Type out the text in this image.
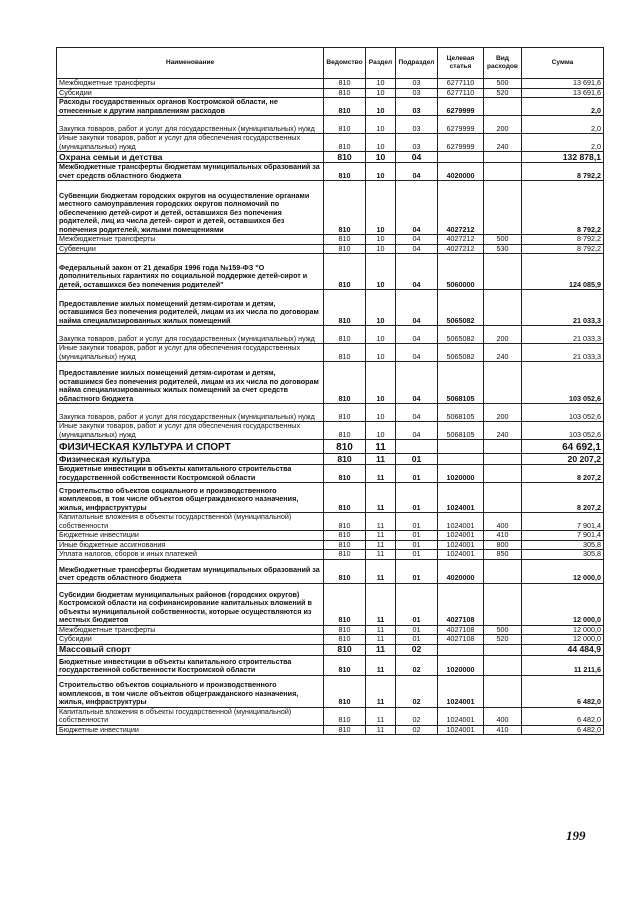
Наименование	Ведомство	Раздел	Подраздел	Целевая статья	Вид расходов	Сумма
Межбюджетные трансферты	810	10	03	6277110	500	13 691,6
Субсидии	810	10	03	6277110	520	13 691,6
Расходы государственных органов Костромской области, не отнесенные к другим направлениям расходов	810	10	03	6279999		2,0
Закупка товаров, работ и услуг для государственных (муниципальных) нужд	810	10	03	6279999	200	2,0
Иные закупки товаров, работ и услуг для обеспечения государственных (муниципальных) нужд	810	10	03	6279999	240	2,0
Охрана семьи и детства	810	10	04			132 878,1
Межбюджетные трансферты бюджетам муниципальных образований за счет средств областного бюджета	810	10	04	4020000		8 792,2
Субвенции бюджетам городских округов на осуществление органами местного самоуправления городских округов полномочий по обеспечению детей-сирот и детей, оставшихся без попечения родителей, лиц из числа детей- сирот и детей, оставшихся без попечения родителей, жилыми помещениями	810	10	04	4027212		8 792,2
Межбюджетные трансферты	810	10	04	4027212	500	8 792,2
Субвенции	810	10	04	4027212	530	8 792,2
Федеральный закон от 21 декабря 1996 года №159-ФЗ "О дополнительных гарантиях по социальной поддержке детей-сирот и детей, оставшихся без попечения родителей"	810	10	04	5060000		124 085,9
Предоставление жилых помещений детям-сиротам и детям, оставшимся без попечения родителей, лицам из их числа по договорам найма специализированных жилых помещений	810	10	04	5065082		21 033,3
Закупка товаров, работ и услуг для государственных (муниципальных) нужд	810	10	04	5065082	200	21 033,3
Иные закупки товаров, работ и услуг для обеспечения государственных (муниципальных) нужд	810	10	04	5065082	240	21 033,3
Предоставление жилых помещений детям-сиротам и детям, оставшимся без попечения родителей, лицам из их числа по договорам найма специализированных жилых помещений за счет средств областного бюджета	810	10	04	5068105		103 052,6
Закупка товаров, работ и услуг для государственных (муниципальных) нужд	810	10	04	5068105	200	103 052,6
Иные закупки товаров, работ и услуг для обеспечения государственных (муниципальных) нужд	810	10	04	5068105	240	103 052,6
ФИЗИЧЕСКАЯ КУЛЬТУРА И СПОРТ	810	11				64 692,1
Физическая культура	810	11	01			20 207,2
Бюджетные инвестиции в объекты капитального строительства государственной собственности Костромской области	810	11	01	1020000		8 207,2
Строительство объектов социального и производственного комплексов, в том числе объектов общегражданского назначения, жилья, инфраструктуры	810	11	01	1024001		8 207,2
Капитальные вложения в объекты государственной (муниципальной) собственности	810	11	01	1024001	400	7 901,4
Бюджетные инвестиции	810	11	01	1024001	410	7 901,4
Иные бюджетные ассигнования	810	11	01	1024001	800	305,8
Уплата налогов, сборов и иных платежей	810	11	01	1024001	850	305,8
Межбюджетные трансферты бюджетам муниципальных образований за счет средств областного бюджета	810	11	01	4020000		12 000,0
Субсидии бюджетам муниципальных районов (городских округов) Костромской области на софинансирование капитальных вложений в объекты муниципальной собственности, которые осуществляются из местных бюджетов	810	11	01	4027108		12 000,0
Межбюджетные трансферты	810	11	01	4027108	500	12 000,0
Субсидии	810	11	01	4027108	520	12 000,0
Массовый спорт	810	11	02			44 484,9
Бюджетные инвестиции в объекты капитального строительства государственной собственности Костромской области	810	11	02	1020000		11 211,6
Строительство объектов социального и производственного комплексов, в том числе объектов общегражданского назначения, жилья, инфраструктуры	810	11	02	1024001		6 482,0
Капитальные вложения в объекты государственной (муниципальной) собственности	810	11	02	1024001	400	6 482,0
Бюджетные инвестиции	810	11	02	1024001	410	6 482,0
199
